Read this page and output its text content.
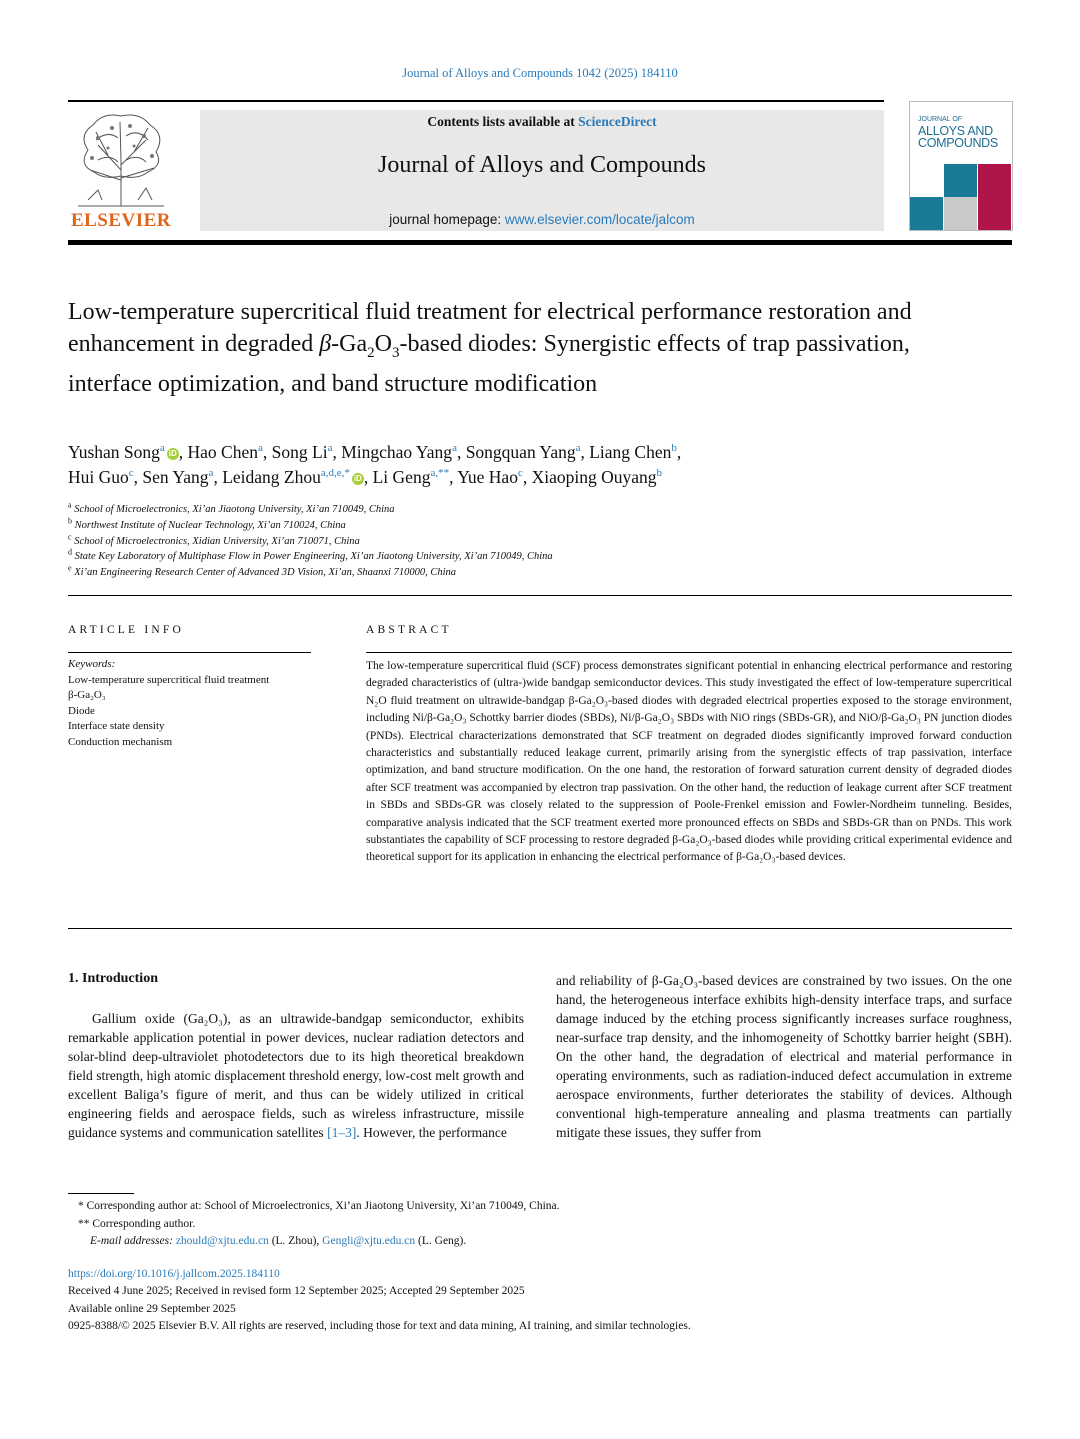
Journal of Alloys and Compounds 1042 (2025) 184110
ELSEVIER
Contents lists available at ScienceDirect
Journal of Alloys and Compounds
journal homepage: www.elsevier.com/locate/jalcom
JOURNAL OF
ALLOYS AND
COMPOUNDS
Low-temperature supercritical fluid treatment for electrical performance restoration and enhancement in degraded $\beta-Ga_2O_3$-based diodes: Synergistic effects of trap passivation, interface optimization, and band structure modification
Yushan Song$^a$ iD , Hao Chen$^a$, Song Li$^a$, Mingchao Yang$^a$, Songquan Yang$^a$, Liang Chen$^b$,
Hui Guo$^c$, Sen Yang$^a$, Leidang Zhou$^{a,d,e,*}$ iD , Li Geng$^{a,**}$, Yue Hao$^c$, Xiaoping Ouyang$^b$
$^a$ School of Microelectronics, Xi’an Jiaotong University, Xi’an 710049, China
$^b$ Northwest Institute of Nuclear Technology, Xi’an 710024, China
$^c$ School of Microelectronics, Xidian University, Xi’an 710071, China
$^d$ State Key Laboratory of Multiphase Flow in Power Engineering, Xi’an Jiaotong University, Xi’an 710049, China
$^e$ Xi’an Engineering Research Center of Advanced 3D Vision, Xi’an, Shaanxi 710000, China
ARTICLE INFO
Keywords:
Low-temperature supercritical fluid treatment
β-Ga₂O₃
Diode
Interface state density
Conduction mechanism
ABSTRACT
The low-temperature supercritical fluid (SCF) process demonstrates significant potential in enhancing electrical performance and restoring degraded characteristics of (ultra-)wide bandgap semiconductor devices. This study investigated the effect of low-temperature supercritical N₂O fluid treatment on ultrawide-bandgap β-Ga₂O₃-based diodes with degraded electrical properties exposed to the storage environment, including Ni/β-Ga₂O₃ Schottky barrier diodes (SBDs), Ni/β-Ga₂O₃ SBDs with NiO rings (SBDs-GR), and NiO/β-Ga₂O₃ PN junction diodes (PNDs). Electrical characterizations demonstrated that SCF treatment on degraded diodes significantly improved forward conduction characteristics and substantially reduced leakage current, primarily arising from the synergistic effects of trap passivation, interface optimization, and band structure modification. On the one hand, the restoration of forward saturation current density of degraded diodes after SCF treatment was accompanied by electron trap passivation. On the other hand, the reduction of leakage current after SCF treatment in SBDs and SBDs-GR was closely related to the suppression of Poole-Frenkel emission and Fowler-Nordheim tunneling. Besides, comparative analysis indicated that the SCF treatment exerted more pronounced effects on SBDs and SBDs-GR than on PNDs. This work substantiates the capability of SCF processing to restore degraded β-Ga₂O₃-based diodes while providing critical experimental evidence and theoretical support for its application in enhancing the electrical performance of β-Ga₂O₃-based devices.
1. Introduction
Gallium oxide (Ga₂O₃), as an ultrawide-bandgap semiconductor, exhibits remarkable application potential in power devices, nuclear radiation detectors and solar-blind deep-ultraviolet photodetectors due to its high theoretical breakdown field strength, high atomic displacement threshold energy, low-cost melt growth and excellent Baliga’s figure of merit, and thus can be widely utilized in critical engineering fields and aerospace fields, such as wireless infrastructure, missile guidance systems and communication satellites [1–3]. However, the performance
and reliability of β-Ga₂O₃-based devices are constrained by two issues. On the one hand, the heterogeneous interface exhibits high-density interface traps, and surface damage induced by the etching process significantly increases surface roughness, near-surface trap density, and the inhomogeneity of Schottky barrier height (SBH). On the other hand, the degradation of electrical and material performance in operating environments, such as radiation-induced defect accumulation in extreme aerospace environments, further deteriorates the stability of devices. Although conventional high-temperature annealing and plasma treatments can partially mitigate these issues, they suffer from
* Corresponding author at: School of Microelectronics, Xi’an Jiaotong University, Xi’an 710049, China.
** Corresponding author.
E-mail addresses: zhould@xjtu.edu.cn (L. Zhou), Gengli@xjtu.edu.cn (L. Geng).
https://doi.org/10.1016/j.jallcom.2025.184110
Received 4 June 2025; Received in revised form 12 September 2025; Accepted 29 September 2025
Available online 29 September 2025
0925-8388/© 2025 Elsevier B.V. All rights are reserved, including those for text and data mining, AI training, and similar technologies.
